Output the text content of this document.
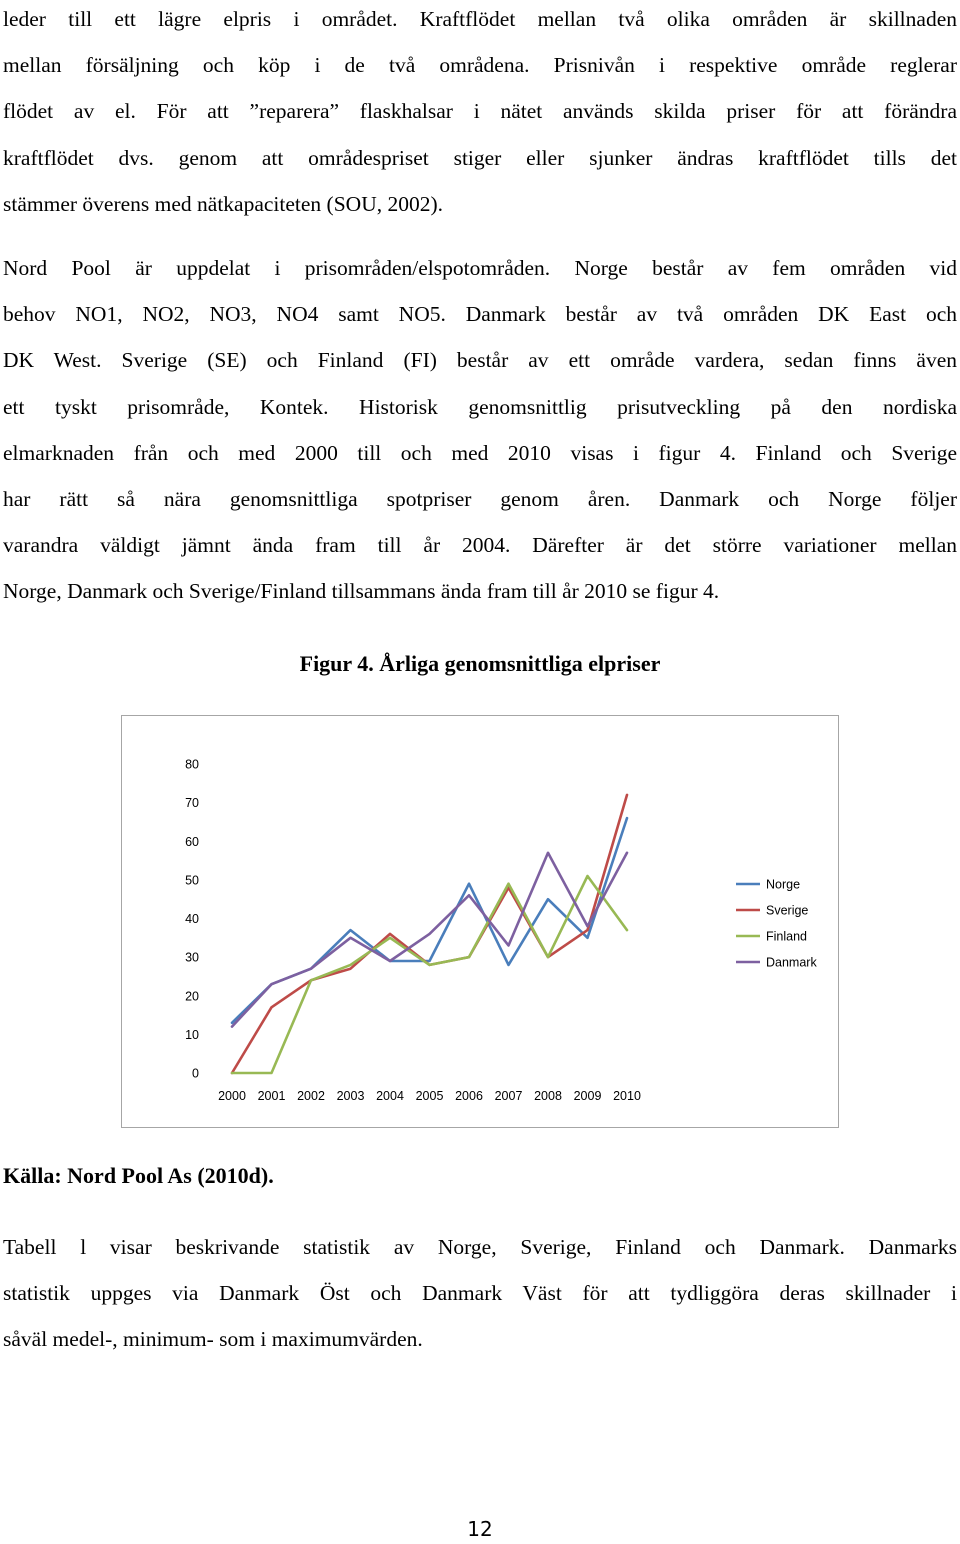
leder till ett lägre elpris i området. Kraftflödet mellan två olika områden är skillnaden
mellan försäljning och köp i de två områdena. Prisnivån i respektive område reglerar
flödet av el. För att ”reparera” flaskhalsar i nätet används skilda priser för att förändra
kraftflödet dvs. genom att områdespriset stiger eller sjunker ändras kraftflödet tills det
stämmer överens med nätkapaciteten (SOU, 2002).
Nord Pool är uppdelat i prisområden/elspotområden. Norge består av fem områden vid
behov NO1, NO2, NO3, NO4 samt NO5. Danmark består av två områden DK East och
DK West. Sverige (SE) och Finland (FI) består av ett område vardera, sedan finns även
ett tyskt prisområde, Kontek. Historisk genomsnittlig prisutveckling på den nordiska
elmarknaden från och med 2000 till och med 2010 visas i figur 4. Finland och Sverige
har rätt så nära genomsnittliga spotpriser genom åren. Danmark och Norge följer
varandra väldigt jämnt ända fram till år 2004. Därefter är det större variationer mellan
Norge, Danmark och Sverige/Finland tillsammans ända fram till år 2010 se figur 4.

Figur 4. Årliga genomsnittliga elpriser

0
10
20
30
40
50
60
70
80
2000 2001 2002 2003 2004 2005 2006 2007 2008 2009 2010
Norge
Sverige
Finland
Danmark

Källa: Nord Pool As (2010d).

Tabell l visar beskrivande statistik av Norge, Sverige, Finland och Danmark. Danmarks
statistik uppges via Danmark Öst och Danmark Väst för att tydliggöra deras skillnader i
såväl medel-, minimum- som i maximumvärden.
12
